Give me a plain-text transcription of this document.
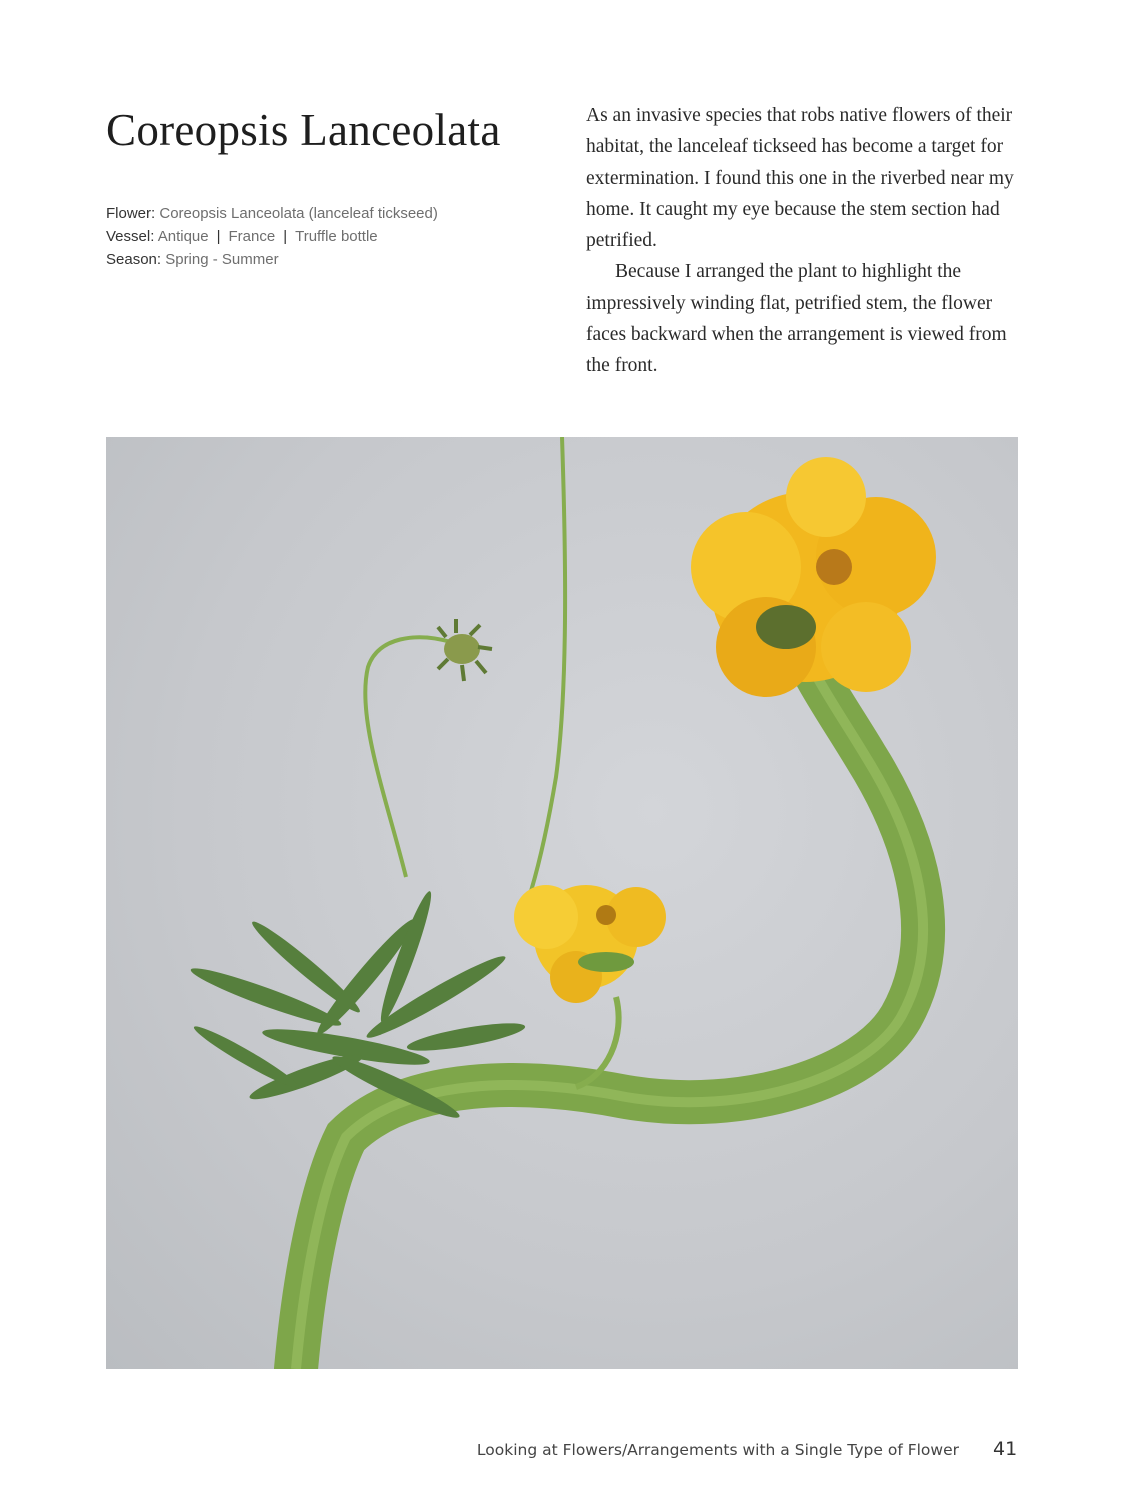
Coreopsis Lanceolata
Flower: Coreopsis Lanceolata (lanceleaf tickseed)
Vessel: Antique | France | Truffle bottle
Season: Spring - Summer

As an invasive species that robs native flowers of their habitat, the lanceleaf tickseed has become a target for extermination. I found this one in the riverbed near my home. It caught my eye because the stem section had petrified.

Because I arranged the plant to highlight the impressively winding flat, petrified stem, the flower faces backward when the arrangement is viewed from the front.

Looking at Flowers/Arrangements with a Single Type of Flower 41
